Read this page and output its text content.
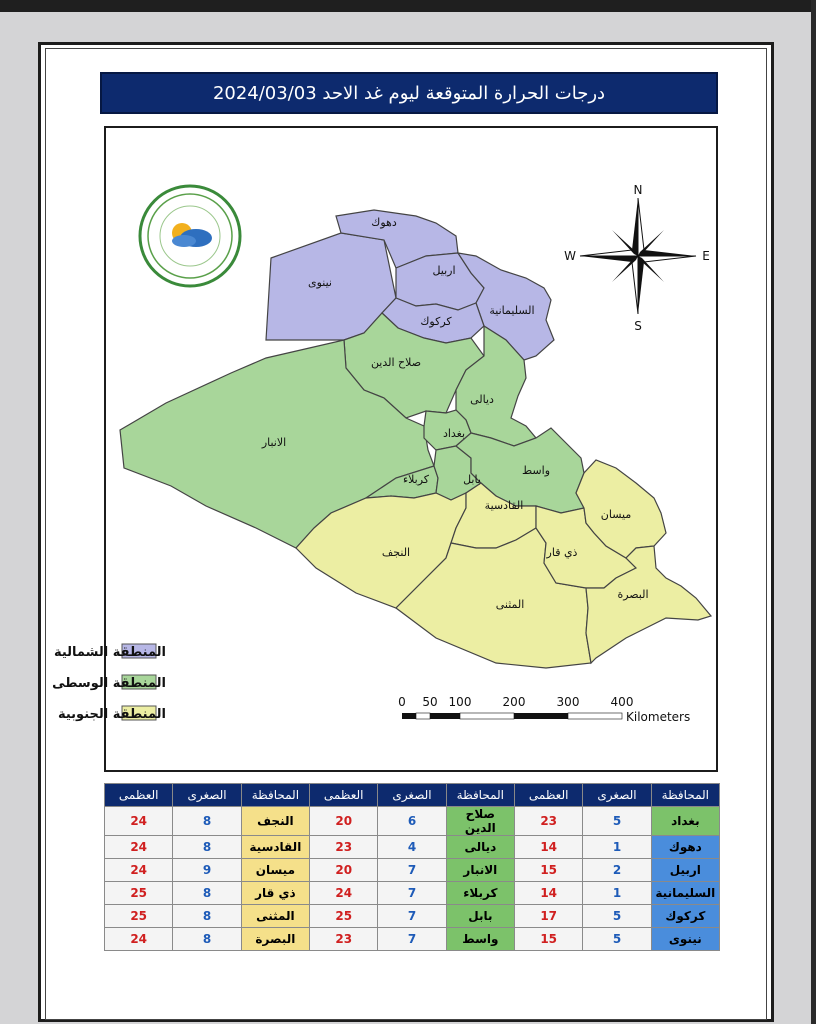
درجات الحرارة المتوقعة ليوم غد الاحد 2024/03/03
دهوك
نينوى
اربيل
السليمانية
كركوك
صلاح الدين
ديالى
الانبار
بغداد
كربلاء	بابل
واسط
القادسية
النجف	ذي قار
ميسان
المثنى
البصرة
N
S
E
W
المنطقة الشمالية
المنطقة الوسطى
المنطقة الجنوبية
0 50 100	200	300	400
Kilometers
المحافظة	الصغرى	العظمى	المحافظة	الصغرى	العظمى	المحافظة	الصغرى	العظمى
بغداد	5	23	صلاح الدين	6	20	النجف	8	24
دهوك	1	14	ديالى	4	23	القادسية	8	24
اربيل	2	15	الانبار	7	20	ميسان	9	24
السليمانية	1	14	كربلاء	7	24	ذي قار	8	25
كركوك	5	17	بابل	7	25	المثنى	8	25
نينوى	5	15	واسط	7	23	البصرة	8	24
